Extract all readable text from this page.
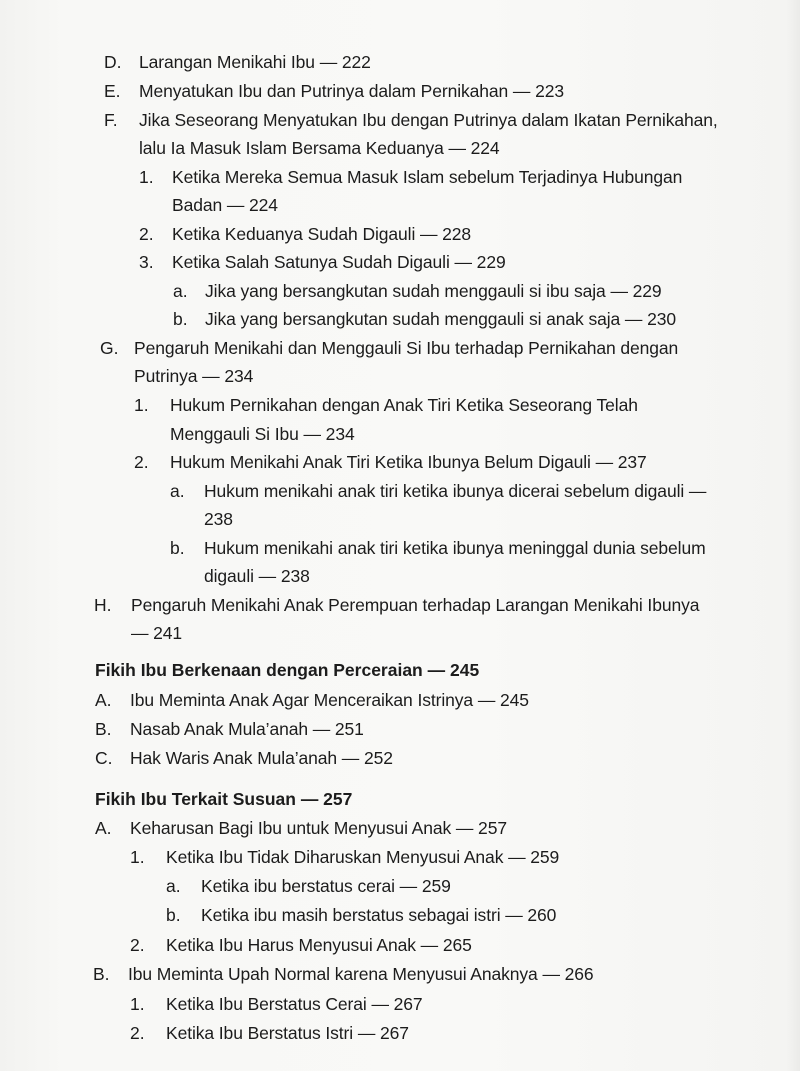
D. Larangan Menikahi Ibu — 222
E. Menyatukan Ibu dan Putrinya dalam Pernikahan — 223
F. Jika Seseorang Menyatukan Ibu dengan Putrinya dalam Ikatan Pernikahan,
lalu Ia Masuk Islam Bersama Keduanya — 224
1. Ketika Mereka Semua Masuk Islam sebelum Terjadinya Hubungan
Badan — 224
2. Ketika Keduanya Sudah Digauli — 228
3. Ketika Salah Satunya Sudah Digauli — 229
a. Jika yang bersangkutan sudah menggauli si ibu saja — 229
b. Jika yang bersangkutan sudah menggauli si anak saja — 230
G. Pengaruh Menikahi dan Menggauli Si Ibu terhadap Pernikahan dengan
Putrinya — 234
1. Hukum Pernikahan dengan Anak Tiri Ketika Seseorang Telah
Menggauli Si Ibu — 234
2. Hukum Menikahi Anak Tiri Ketika Ibunya Belum Digauli — 237
a. Hukum menikahi anak tiri ketika ibunya dicerai sebelum digauli —
238
b. Hukum menikahi anak tiri ketika ibunya meninggal dunia sebelum
digauli — 238
H. Pengaruh Menikahi Anak Perempuan terhadap Larangan Menikahi Ibunya
— 241
Fikih Ibu Berkenaan dengan Perceraian — 245
A. Ibu Meminta Anak Agar Menceraikan Istrinya — 245
B. Nasab Anak Mula’anah — 251
C. Hak Waris Anak Mula’anah — 252
Fikih Ibu Terkait Susuan — 257
A. Keharusan Bagi Ibu untuk Menyusui Anak — 257
1. Ketika Ibu Tidak Diharuskan Menyusui Anak — 259
a. Ketika ibu berstatus cerai — 259
b. Ketika ibu masih berstatus sebagai istri — 260
2. Ketika Ibu Harus Menyusui Anak — 265
B. Ibu Meminta Upah Normal karena Menyusui Anaknya — 266
1. Ketika Ibu Berstatus Cerai — 267
2. Ketika Ibu Berstatus Istri — 267
